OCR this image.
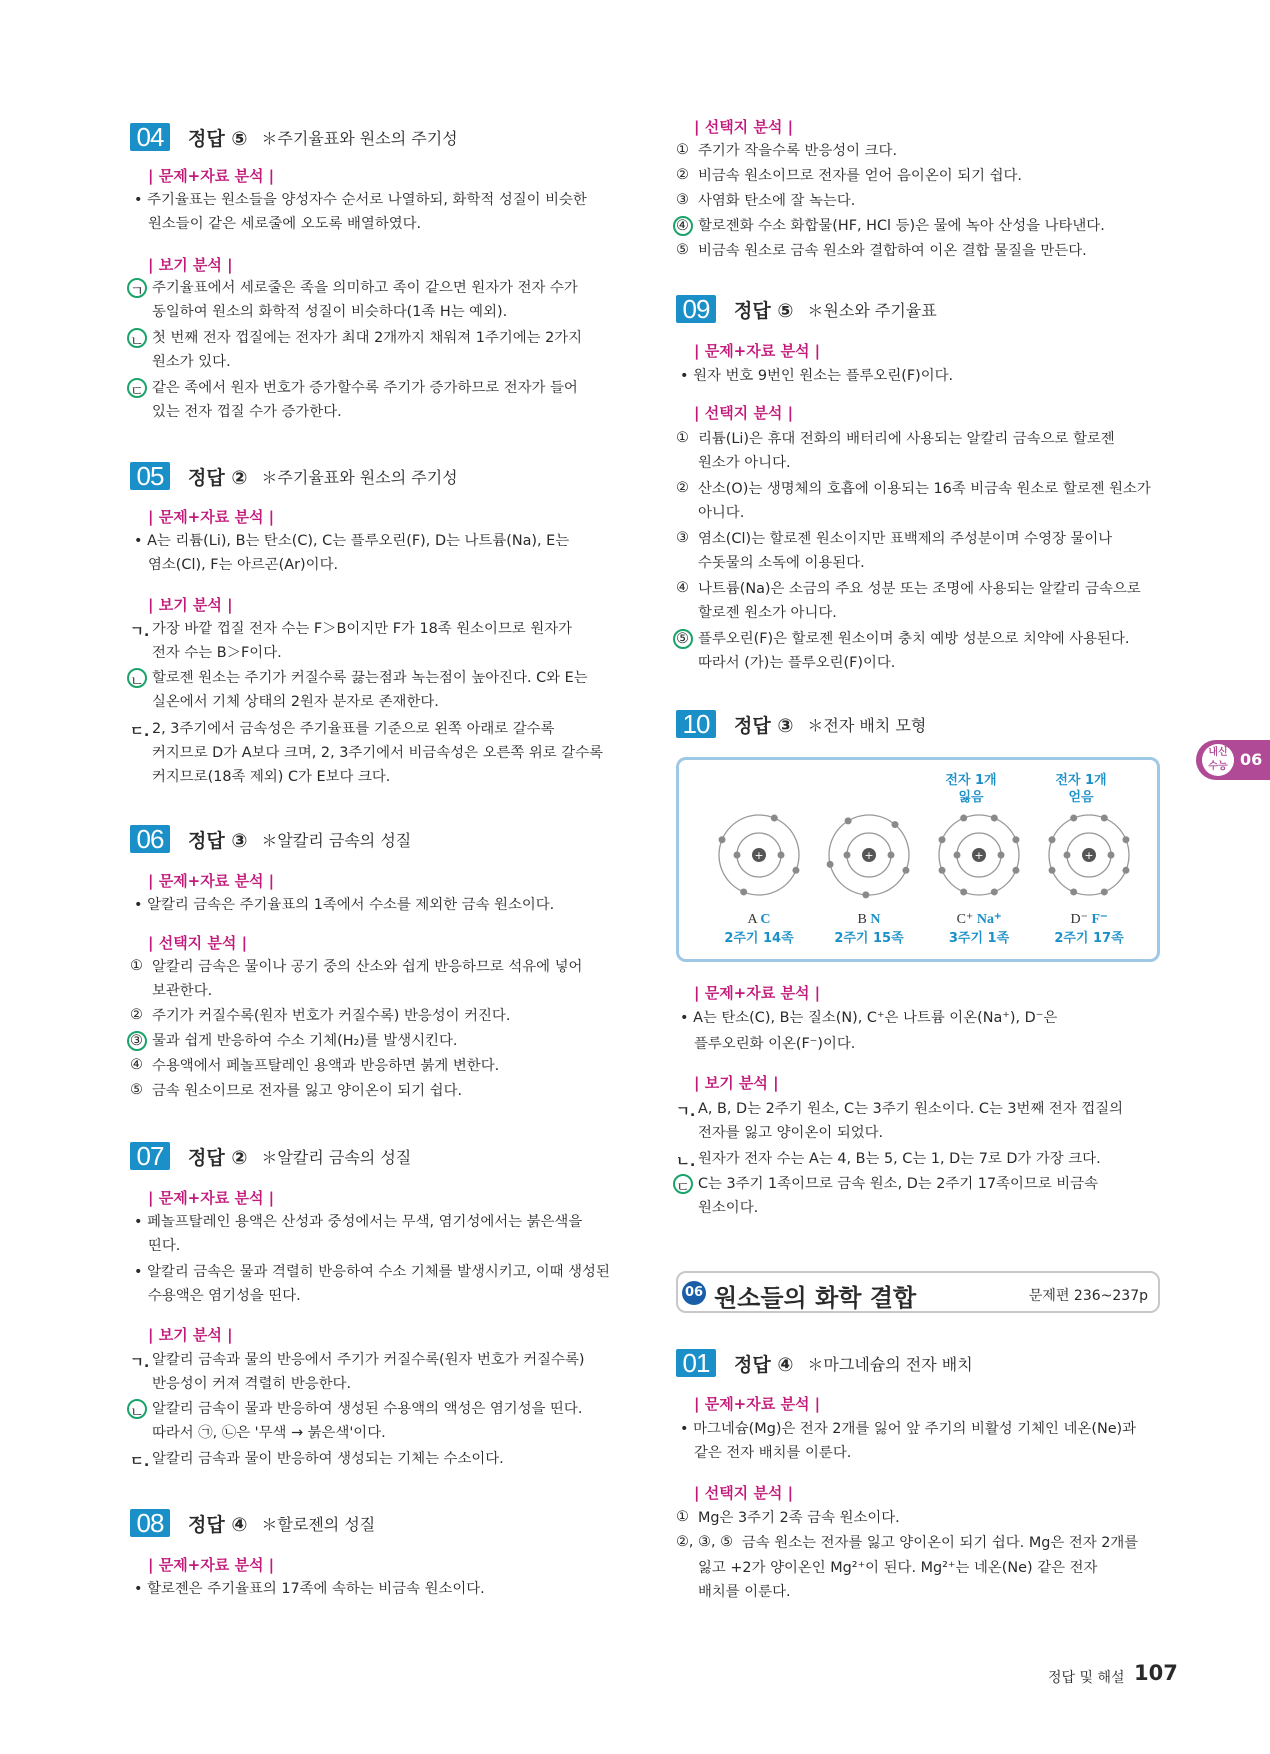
04	정답 ⑤ ＊주기율표와 원소의 주기성
| 문제+자료 분석 |
• 주기율표는 원소들을 양성자수 순서로 나열하되, 화학적 성질이 비슷한
원소들이 같은 세로줄에 오도록 배열하였다.
| 보기 분석 |
ㄱ 주기율표에서 세로줄은 족을 의미하고 족이 같으면 원자가 전자 수가
동일하여 원소의 화학적 성질이 비슷하다(1족 H는 예외).
ㄴ 첫 번째 전자 껍질에는 전자가 최대 2개까지 채워져 1주기에는 2가지
원소가 있다.
ㄷ 같은 족에서 원자 번호가 증가할수록 주기가 증가하므로 전자가 들어
있는 전자 껍질 수가 증가한다.
05	정답 ② ＊주기율표와 원소의 주기성
| 문제+자료 분석 |
• A는 리튬(Li), B는 탄소(C), C는 플루오린(F), D는 나트륨(Na), E는
염소(Cl), F는 아르곤(Ar)이다.
| 보기 분석 |
ㄱ. 가장 바깥 껍질 전자 수는 F＞B이지만 F가 18족 원소이므로 원자가
전자 수는 B＞F이다.
ㄴ 할로젠 원소는 주기가 커질수록 끓는점과 녹는점이 높아진다. C와 E는
실온에서 기체 상태의 2원자 분자로 존재한다.
ㄷ. 2, 3주기에서 금속성은 주기율표를 기준으로 왼쪽 아래로 갈수록
커지므로 D가 A보다 크며, 2, 3주기에서 비금속성은 오른쪽 위로 갈수록
커지므로(18족 제외) C가 E보다 크다.
06	정답 ③ ＊알칼리 금속의 성질
| 문제+자료 분석 |
• 알칼리 금속은 주기율표의 1족에서 수소를 제외한 금속 원소이다.
| 선택지 분석 |
① 알칼리 금속은 물이나 공기 중의 산소와 쉽게 반응하므로 석유에 넣어
보관한다.
② 주기가 커질수록(원자 번호가 커질수록) 반응성이 커진다.
③ 물과 쉽게 반응하여 수소 기체(H₂)를 발생시킨다.
④ 수용액에서 페놀프탈레인 용액과 반응하면 붉게 변한다.
⑤ 금속 원소이므로 전자를 잃고 양이온이 되기 쉽다.
07	정답 ② ＊알칼리 금속의 성질
| 문제+자료 분석 |
• 페놀프탈레인 용액은 산성과 중성에서는 무색, 염기성에서는 붉은색을
띤다.
• 알칼리 금속은 물과 격렬히 반응하여 수소 기체를 발생시키고, 이때 생성된
수용액은 염기성을 띤다.
| 보기 분석 |
ㄱ. 알칼리 금속과 물의 반응에서 주기가 커질수록(원자 번호가 커질수록)
반응성이 커져 격렬히 반응한다.
ㄴ 알칼리 금속이 물과 반응하여 생성된 수용액의 액성은 염기성을 띤다.
따라서 ㉠, ㉡은 '무색 → 붉은색'이다.
ㄷ. 알칼리 금속과 물이 반응하여 생성되는 기체는 수소이다.
08	정답 ④ ＊할로젠의 성질
| 문제+자료 분석 |
• 할로젠은 주기율표의 17족에 속하는 비금속 원소이다.
| 선택지 분석 |
① 주기가 작을수록 반응성이 크다.
② 비금속 원소이므로 전자를 얻어 음이온이 되기 쉽다.
③ 사염화 탄소에 잘 녹는다.
④ 할로젠화 수소 화합물(HF, HCl 등)은 물에 녹아 산성을 나타낸다.
⑤ 비금속 원소로 금속 원소와 결합하여 이온 결합 물질을 만든다.
09	정답 ⑤ ＊원소와 주기율표
| 문제+자료 분석 |
• 원자 번호 9번인 원소는 플루오린(F)이다.
| 선택지 분석 |
① 리튬(Li)은 휴대 전화의 배터리에 사용되는 알칼리 금속으로 할로젠
원소가 아니다.
② 산소(O)는 생명체의 호흡에 이용되는 16족 비금속 원소로 할로젠 원소가
아니다.
③ 염소(Cl)는 할로젠 원소이지만 표백제의 주성분이며 수영장 물이나
수돗물의 소독에 이용된다.
④ 나트륨(Na)은 소금의 주요 성분 또는 조명에 사용되는 알칼리 금속으로
할로젠 원소가 아니다.
⑤ 플루오린(F)은 할로젠 원소이며 충치 예방 성분으로 치약에 사용된다.
따라서 (가)는 플루오린(F)이다.
10	정답 ③ ＊전자 배치 모형
| 문제+자료 분석 |
• A는 탄소(C), B는 질소(N), C⁺은 나트륨 이온(Na⁺), D⁻은
플루오린화 이온(F⁻)이다.
| 보기 분석 |
ㄱ. A, B, D는 2주기 원소, C는 3주기 원소이다. C는 3번째 전자 껍질의
전자를 잃고 양이온이 되었다.
ㄴ. 원자가 전자 수는 A는 4, B는 5, C는 1, D는 7로 D가 가장 크다.
ㄷ C는 3주기 1족이므로 금속 원소, D는 2주기 17족이므로 비금속
원소이다.
01	정답 ④ ＊마그네슘의 전자 배치
| 문제+자료 분석 |
• 마그네슘(Mg)은 전자 2개를 잃어 앞 주기의 비활성 기체인 네온(Ne)과
같은 전자 배치를 이룬다.
| 선택지 분석 |
① Mg은 3주기 2족 금속 원소이다.
②, ③, ⑤ 금속 원소는 전자를 잃고 양이온이 되기 쉽다. Mg은 전자 2개를
잃고 +2가 양이온인 Mg²⁺이 된다. Mg²⁺는 네온(Ne) 같은 전자
배치를 이룬다.
전자 1개
잃음
전자 1개
얻음
+
A C
2주기 14족
+
B N
2주기 15족
+
C⁺ Na⁺
3주기 1족
+
D⁻ F⁻
2주기 17족
06 원소들의 화학 결합	문제편 236~237p
내신 수능 06
정답 및 해설 107
